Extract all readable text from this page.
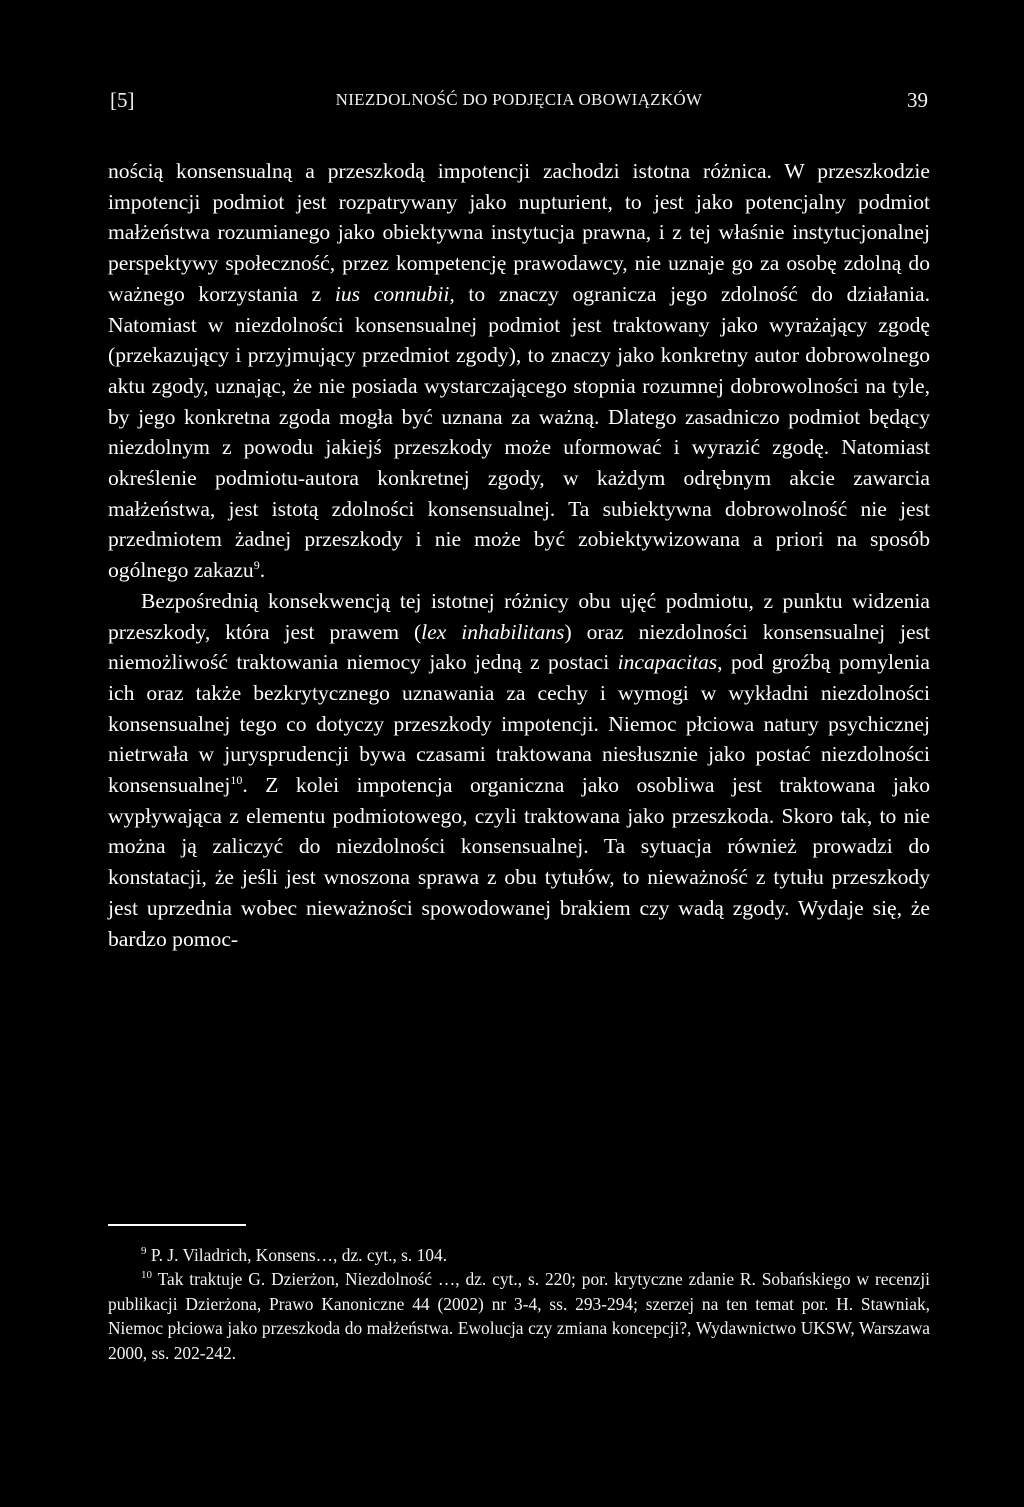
[5]	NIEZDOLNOŚĆ DO PODJĘCIA OBOWIĄZKÓW	39

nością konsensualną a przeszkodą impotencji zachodzi istotna różnica. W przeszkodzie impotencji podmiot jest rozpatrywany jako nupturient, to jest jako potencjalny podmiot małżeństwa rozumianego jako obiektywna instytucja prawna, i z tej właśnie instytucjonalnej perspektywy społeczność, przez kompetencję prawodawcy, nie uznaje go za osobę zdolną do ważnego korzystania z ius connubii, to znaczy ogranicza jego zdolność do działania. Natomiast w niezdolności konsensualnej podmiot jest traktowany jako wyrażający zgodę (przekazujący i przyjmujący przedmiot zgody), to znaczy jako konkretny autor dobrowolnego aktu zgody, uznając, że nie posiada wystarczającego stopnia rozumnej dobrowolności na tyle, by jego konkretna zgoda mogła być uznana za ważną. Dlatego zasadniczo podmiot będący niezdolnym z powodu jakiejś przeszkody może uformować i wyrazić zgodę. Natomiast określenie podmiotu-autora konkretnej zgody, w każdym odrębnym akcie zawarcia małżeństwa, jest istotą zdolności konsensualnej. Ta subiektywna dobrowolność nie jest przedmiotem żadnej przeszkody i nie może być zobiektywizowana a priori na sposób ogólnego zakazu$^9$.

Bezpośrednią konsekwencją tej istotnej różnicy obu ujęć podmiotu, z punktu widzenia przeszkody, która jest prawem (lex inhabilitans) oraz niezdolności konsensualnej jest niemożliwość traktowania niemocy jako jedną z postaci incapacitas, pod groźbą pomylenia ich oraz także bezkrytycznego uznawania za cechy i wymogi w wykładni niezdolności konsensualnej tego co dotyczy przeszkody impotencji. Niemoc płciowa natury psychicznej nietrwała w jurysprudencji bywa czasami traktowana niesłusznie jako postać niezdolności konsensualnej$^{10}$. Z kolei impotencja organiczna jako osobliwa jest traktowana jako wypływająca z elementu podmiotowego, czyli traktowana jako przeszkoda. Skoro tak, to nie można ją zaliczyć do niezdolności konsensualnej. Ta sytuacja również prowadzi do konstatacji, że jeśli jest wnoszona sprawa z obu tytułów, to nieważność z tytułu przeszkody jest uprzednia wobec nieważności spowodowanej brakiem czy wadą zgody. Wydaje się, że bardzo pomoc-

$^9$ P. J. Viladrich, Konsens…, dz. cyt., s. 104.

$^{10}$ Tak traktuje G. Dzierżon, Niezdolność …, dz. cyt., s. 220; por. krytyczne zdanie R. Sobańskiego w recenzji publikacji Dzierżona, Prawo Kanoniczne 44 (2002) nr 3-4, ss. 293-294; szerzej na ten temat por. H. Stawniak, Niemoc płciowa jako przeszkoda do małżeństwa. Ewolucja czy zmiana koncepcji?, Wydawnictwo UKSW, Warszawa 2000, ss. 202-242.
